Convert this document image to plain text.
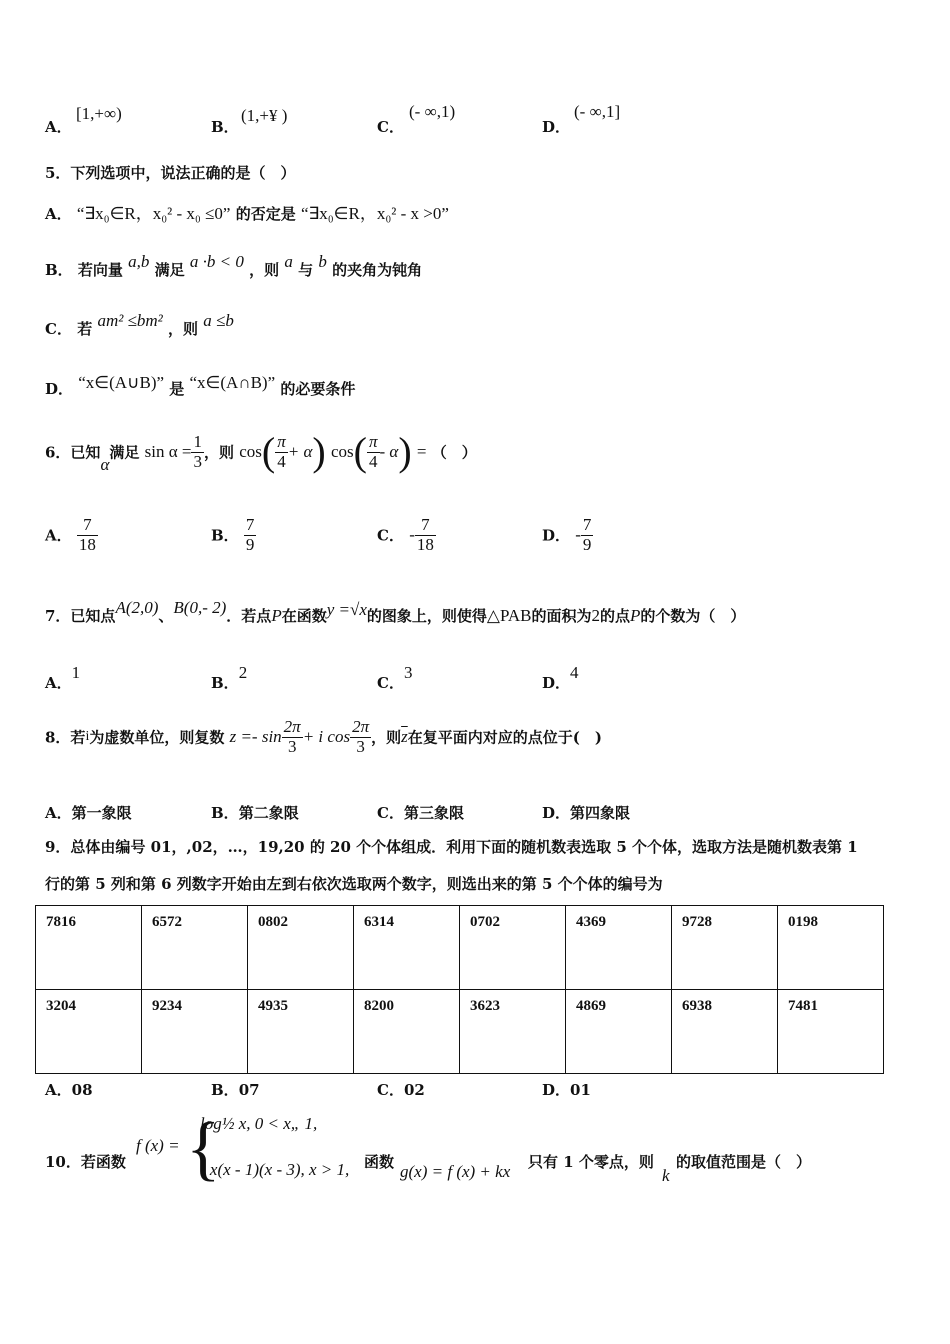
A．
[1,+∞)
B．
(1,+¥ )
C．
(- ∞,1)
D．
(- ∞,1]
5．下列选项中，说法正确的是（　）
A． “∃x₀∈R，x₀² - x₀ ≤0” 的否定是 “∃x₀∈R，x₀² - x >0”
B． 若向量 a,b 满足 a ·b < 0 ，则 a 与 b 的夹角为钝角
C． 若 am² ≤bm² ，则 a ≤b
D． “x∈(A∪B)” 是 “x∈(A∩B)” 的必要条件
6．已知α满足 $\sin \alpha = \frac{1}{3}$ ，则 $\cos( \frac{\pi}{4} + \alpha)$ $\cos( \frac{\pi}{4} - \alpha)$ = （　）
A． $\frac{7}{18}$	B． $\frac{7}{9}$	C． - $\frac{7}{18}$	D． - $\frac{7}{9}$
7．已知点A(2,0)、B(0,- 2)．若点P在函数y =√x的图象上，则使得△PAB的面积为2的点P的个数为（　）
A．1
B．2
C．3
D．4
8．若i为虚数单位，则复数 $z =- \sin \frac{2\pi}{3} + i$ $\cos \frac{2\pi}{3}$ ，则$\overline{z}$在复平面内对应的点位于(　)
A．第一象限	B．第二象限	C．第三象限	D．第四象限
9．总体由编号 01，,02，…，19,20 的 20 个个体组成．利用下面的随机数表选取 5 个个体，选取方法是随机数表第 1
行的第 5 列和第 6 列数字开始由左到右依次选取两个数字，则选出来的第 5 个个体的编号为
7816	6572	0802	6314	0702	4369	9728	0198
3204	9234	4935	8200	3623	4869	6938	7481
A．08	B．07	C．02	D．01
10．若函数
f (x) = {
log½ x, 0 < x„ 1,
- x(x - 1)(x - 3), x > 1, 函数 g(x) = f (x) + kx 只有 1 个零点，则
k
的取值范围是（　）
